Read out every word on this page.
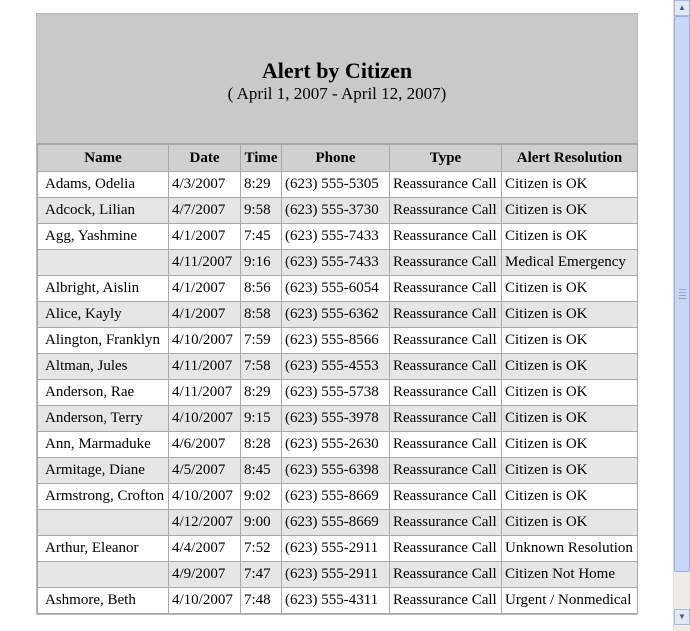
Alert by Citizen
( April 1, 2007 - April 12, 2007)
Name	Date	Time	Phone	Type	Alert Resolution
Adams, Odelia	4/3/2007	8:29	(623) 555-5305	Reassurance Call	Citizen is OK
Adcock, Lilian	4/7/2007	9:58	(623) 555-3730	Reassurance Call	Citizen is OK
Agg, Yashmine	4/1/2007	7:45	(623) 555-7433	Reassurance Call	Citizen is OK
	4/11/2007	9:16	(623) 555-7433	Reassurance Call	Medical Emergency
Albright, Aislin	4/1/2007	8:56	(623) 555-6054	Reassurance Call	Citizen is OK
Alice, Kayly	4/1/2007	8:58	(623) 555-6362	Reassurance Call	Citizen is OK
Alington, Franklyn	4/10/2007	7:59	(623) 555-8566	Reassurance Call	Citizen is OK
Altman, Jules	4/11/2007	7:58	(623) 555-4553	Reassurance Call	Citizen is OK
Anderson, Rae	4/11/2007	8:29	(623) 555-5738	Reassurance Call	Citizen is OK
Anderson, Terry	4/10/2007	9:15	(623) 555-3978	Reassurance Call	Citizen is OK
Ann, Marmaduke	4/6/2007	8:28	(623) 555-2630	Reassurance Call	Citizen is OK
Armitage, Diane	4/5/2007	8:45	(623) 555-6398	Reassurance Call	Citizen is OK
Armstrong, Crofton	4/10/2007	9:02	(623) 555-8669	Reassurance Call	Citizen is OK
	4/12/2007	9:00	(623) 555-8669	Reassurance Call	Citizen is OK
Arthur, Eleanor	4/4/2007	7:52	(623) 555-2911	Reassurance Call	Unknown Resolution
	4/9/2007	7:47	(623) 555-2911	Reassurance Call	Citizen Not Home
Ashmore, Beth	4/10/2007	7:48	(623) 555-4311	Reassurance Call	Urgent / Nonmedical
▲
▼
